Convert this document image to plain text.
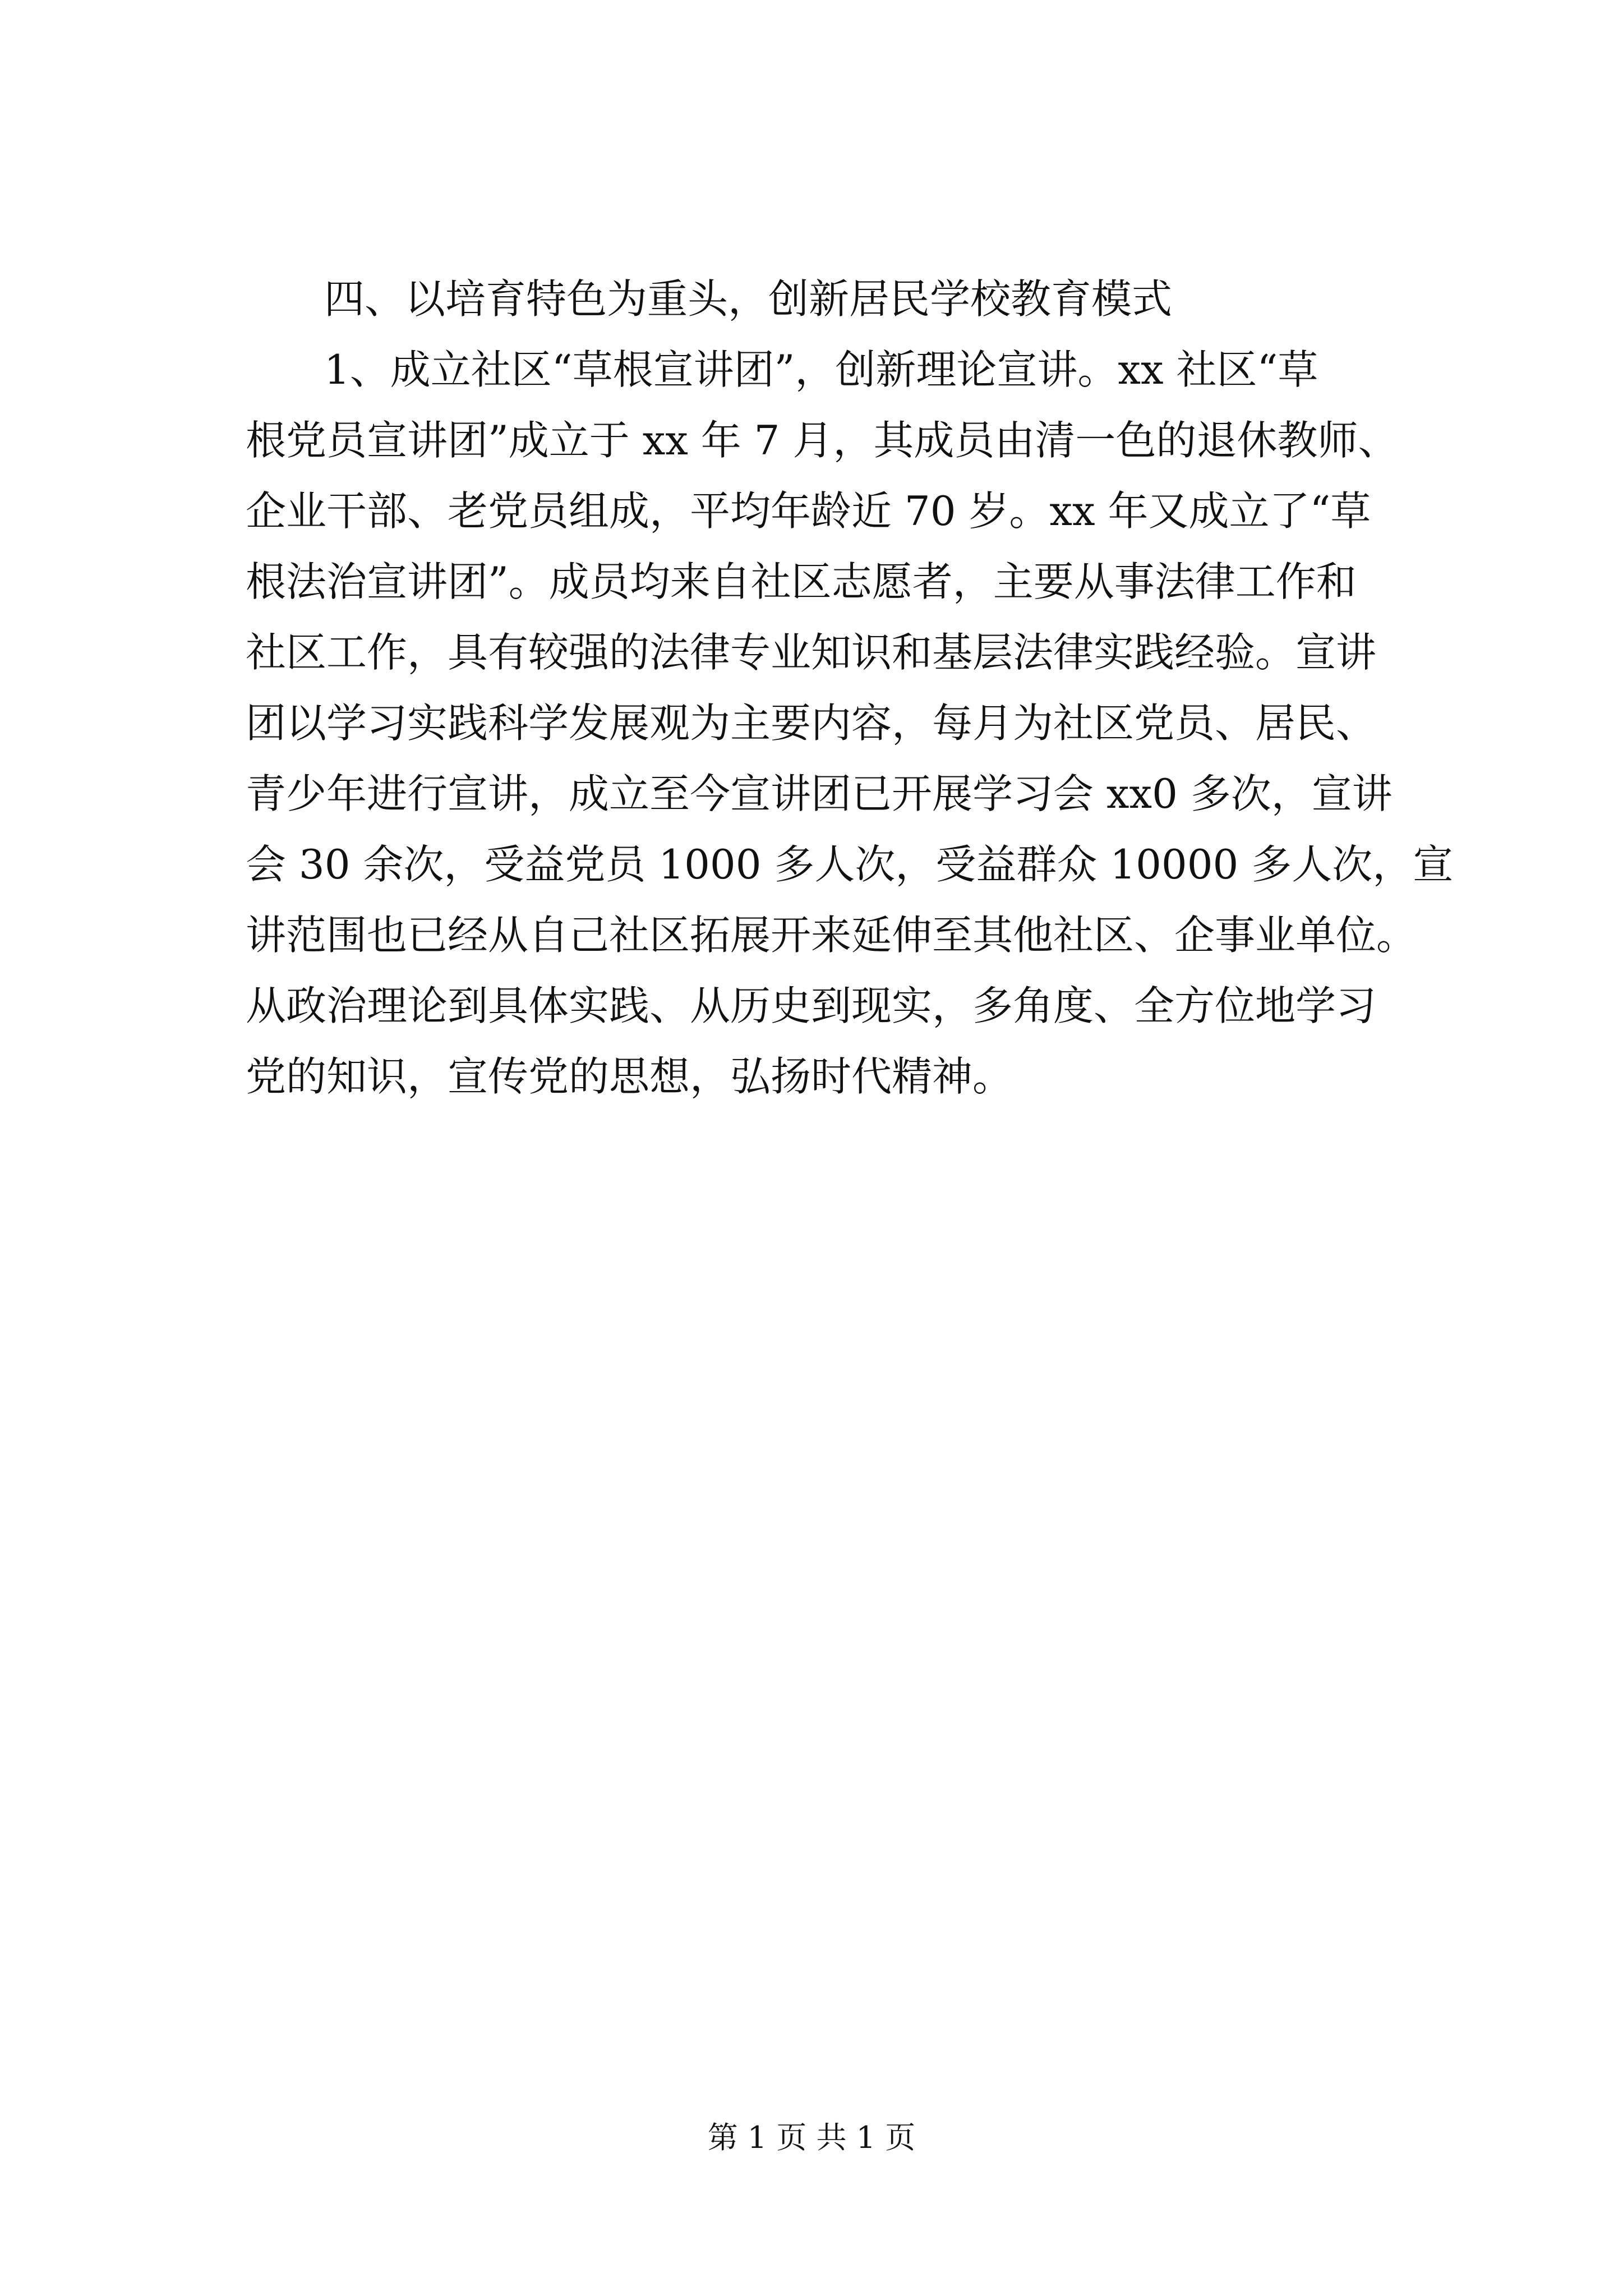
四、以培育特色为重头，创新居民学校教育模式

1、成立社区“草根宣讲团”，创新理论宣讲。xx 社区“草

根党员宣讲团”成立于 xx 年 7 月，其成员由清一色的退休教师、

企业干部、老党员组成，平均年龄近 70 岁。xx 年又成立了“草

根法治宣讲团”。成员均来自社区志愿者，主要从事法律工作和

社区工作，具有较强的法律专业知识和基层法律实践经验。宣讲

团以学习实践科学发展观为主要内容，每月为社区党员、居民、

青少年进行宣讲，成立至今宣讲团已开展学习会 xx0 多次，宣讲

会 30 余次，受益党员 1000 多人次，受益群众 10000 多人次，宣

讲范围也已经从自己社区拓展开来延伸至其他社区、企事业单位。

从政治理论到具体实践、从历史到现实，多角度、全方位地学习

党的知识，宣传党的思想，弘扬时代精神。

第 1 页 共 1 页
